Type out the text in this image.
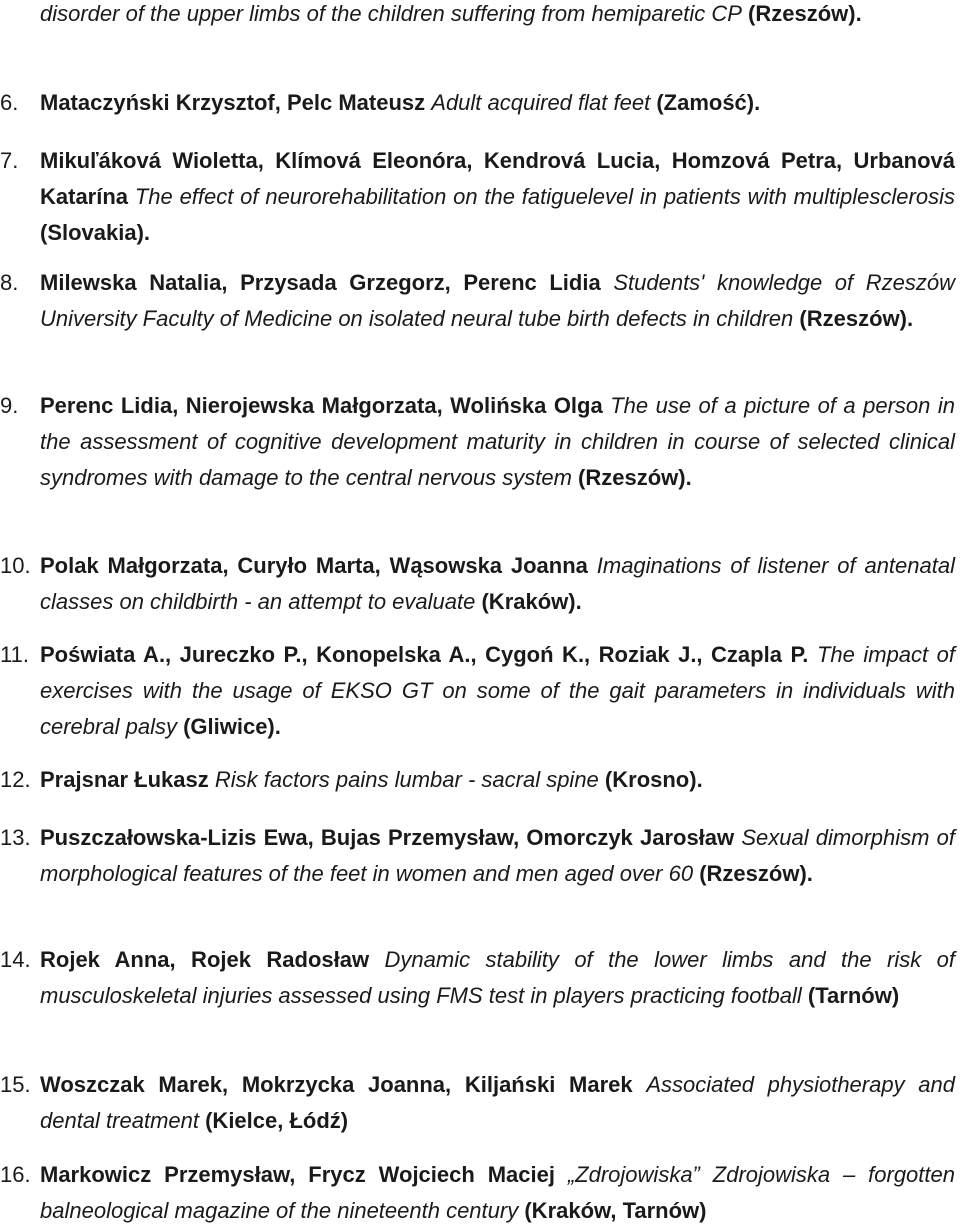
disorder of the upper limbs of the children suffering from hemiparetic CP (Rzeszów).
6. Mataczyński Krzysztof, Pelc Mateusz Adult acquired flat feet (Zamość).
7. Mikuľáková Wioletta, Klímová Eleonóra, Kendrová Lucia, Homzová Petra, Urbanová Katarína The effect of neurorehabilitation on the fatiguelevel in patients with multiplesclerosis (Slovakia).
8. Milewska Natalia, Przysada Grzegorz, Perenc Lidia Students' knowledge of Rzeszów University Faculty of Medicine on isolated neural tube birth defects in children (Rzeszów).
9. Perenc Lidia, Nierojewska Małgorzata, Wolińska Olga The use of a picture of a person in the assessment of cognitive development maturity in children in course of selected clinical syndromes with damage to the central nervous system (Rzeszów).
10. Polak Małgorzata, Curyło Marta, Wąsowska Joanna Imaginations of listener of antenatal classes on childbirth - an attempt to evaluate (Kraków).
11. Poświata A., Jureczko P., Konopelska A., Cygoń K., Roziak J., Czapla P. The impact of exercises with the usage of EKSO GT on some of the gait parameters in individuals with cerebral palsy (Gliwice).
12. Prajsnar Łukasz Risk factors pains lumbar - sacral spine (Krosno).
13. Puszczałowska-Lizis Ewa, Bujas Przemysław, Omorczyk Jarosław Sexual dimorphism of morphological features of the feet in women and men aged over 60 (Rzeszów).
14. Rojek Anna, Rojek Radosław Dynamic stability of the lower limbs and the risk of musculoskeletal injuries assessed using FMS test in players practicing football (Tarnów)
15. Woszczak Marek, Mokrzycka Joanna, Kiljański Marek Associated physiotherapy and dental treatment (Kielce, Łódź)
16. Markowicz Przemysław, Frycz Wojciech Maciej „Zdrojowiska” Zdrojowiska – forgotten balneological magazine of the nineteenth century (Kraków, Tarnów)
